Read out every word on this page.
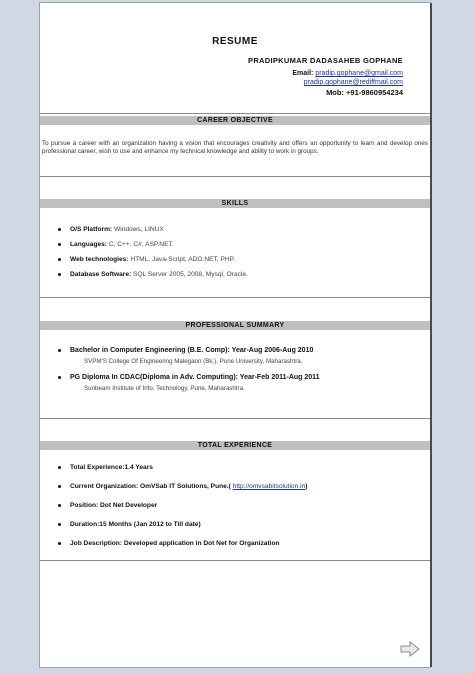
RESUME
PRADIPKUMAR DADASAHEB GOPHANE
Email: pradip.gophane@gmail.com
pradip.gophane@rediffmail.com
Mob: +91-9860954234
CAREER OBJECTIVE
To pursue a career with an organization having a vision that encourages creativity and offers an opportunity to learn and develop ones professional career, wish to use and enhance my technical knowledge and ability to work in groups.
SKILLS
O/S Platform: Windows, LINUX
Languages: C, C++, C#, ASP.NET.
Web technologies: HTML, Java-Script, ADO.NET, PHP.
Database Software: SQL Server 2005, 2008, Mysql, Oracle.
PROFESSIONAL SUMMARY
Bachelor in Computer Engineering (B.E. Comp): Year-Aug 2006-Aug 2010
SVPM'S College Of Engineering Malegaon (Bk.), Pune University, Maharashtra.
PG Diploma In CDAC(Diploma in Adv. Computing): Year-Feb 2011-Aug 2011
Sunbeam Institute of Info. Technology, Pune, Maharashtra.
TOTAL EXPERIENCE
Total Experience:1.4 Years
Current Organization: OmVSab IT Solutions, Pune.( http://omvsabitsolution.in)
Position: Dot Net Developer
Duration:15 Months (Jan 2012 to Till date)
Job Description: Developed application in Dot Net for Organization
